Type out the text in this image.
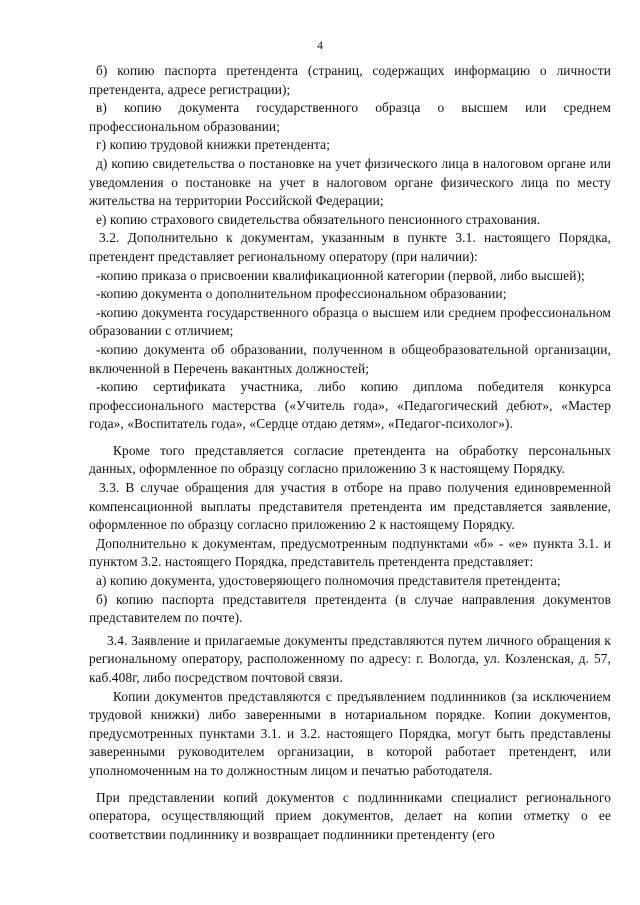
4

б) копию паспорта претендента (страниц, содержащих информацию о личности претендента, адресе регистрации);

в) копию документа государственного образца о высшем или среднем профессиональном образовании;

г) копию трудовой книжки претендента;

д) копию свидетельства о постановке на учет физического лица в налоговом органе или уведомления о постановке на учет в налоговом органе физического лица по месту жительства на территории Российской Федерации;

е) копию страхового свидетельства обязательного пенсионного страхования.

3.2. Дополнительно к документам, указанным в пункте 3.1. настоящего Порядка, претендент представляет региональному оператору (при наличии):

-копию приказа о присвоении квалификационной категории (первой, либо высшей);

-копию документа о дополнительном профессиональном образовании;

-копию документа государственного образца о высшем или среднем профессиональном образовании с отличием;

-копию документа об образовании, полученном в общеобразовательной организации, включенной в Перечень вакантных должностей;

-копию сертификата участника, либо копию диплома победителя конкурса профессионального мастерства («Учитель года», «Педагогический дебют», «Мастер года», «Воспитатель года», «Сердце отдаю детям», «Педагог-психолог»).

Кроме того представляется согласие претендента на обработку персональных данных, оформленное по образцу согласно приложению 3 к настоящему Порядку.

3.3. В случае обращения для участия в отборе на право получения единовременной компенсационной выплаты представителя претендента им представляется заявление, оформленное по образцу согласно приложению 2 к настоящему Порядку.

Дополнительно к документам, предусмотренным подпунктами «б» - «е» пункта 3.1. и пунктом 3.2. настоящего Порядка, представитель претендента представляет:

а) копию документа, удостоверяющего полномочия представителя претендента;

б) копию паспорта представителя претендента (в случае направления документов представителем по почте).

3.4. Заявление и прилагаемые документы представляются путем личного обращения к региональному оператору, расположенному по адресу: г. Вологда, ул. Козленская, д. 57, каб.408г, либо посредством почтовой связи.

Копии документов представляются с предъявлением подлинников (за исключением трудовой книжки) либо заверенными в нотариальном порядке. Копии документов, предусмотренных пунктами 3.1. и 3.2. настоящего Порядка, могут быть представлены заверенными руководителем организации, в которой работает претендент, или уполномоченным на то должностным лицом и печатью работодателя.

При представлении копий документов с подлинниками специалист регионального оператора, осуществляющий прием документов, делает на копии отметку о ее соответствии подлиннику и возвращает подлинники претенденту (его
